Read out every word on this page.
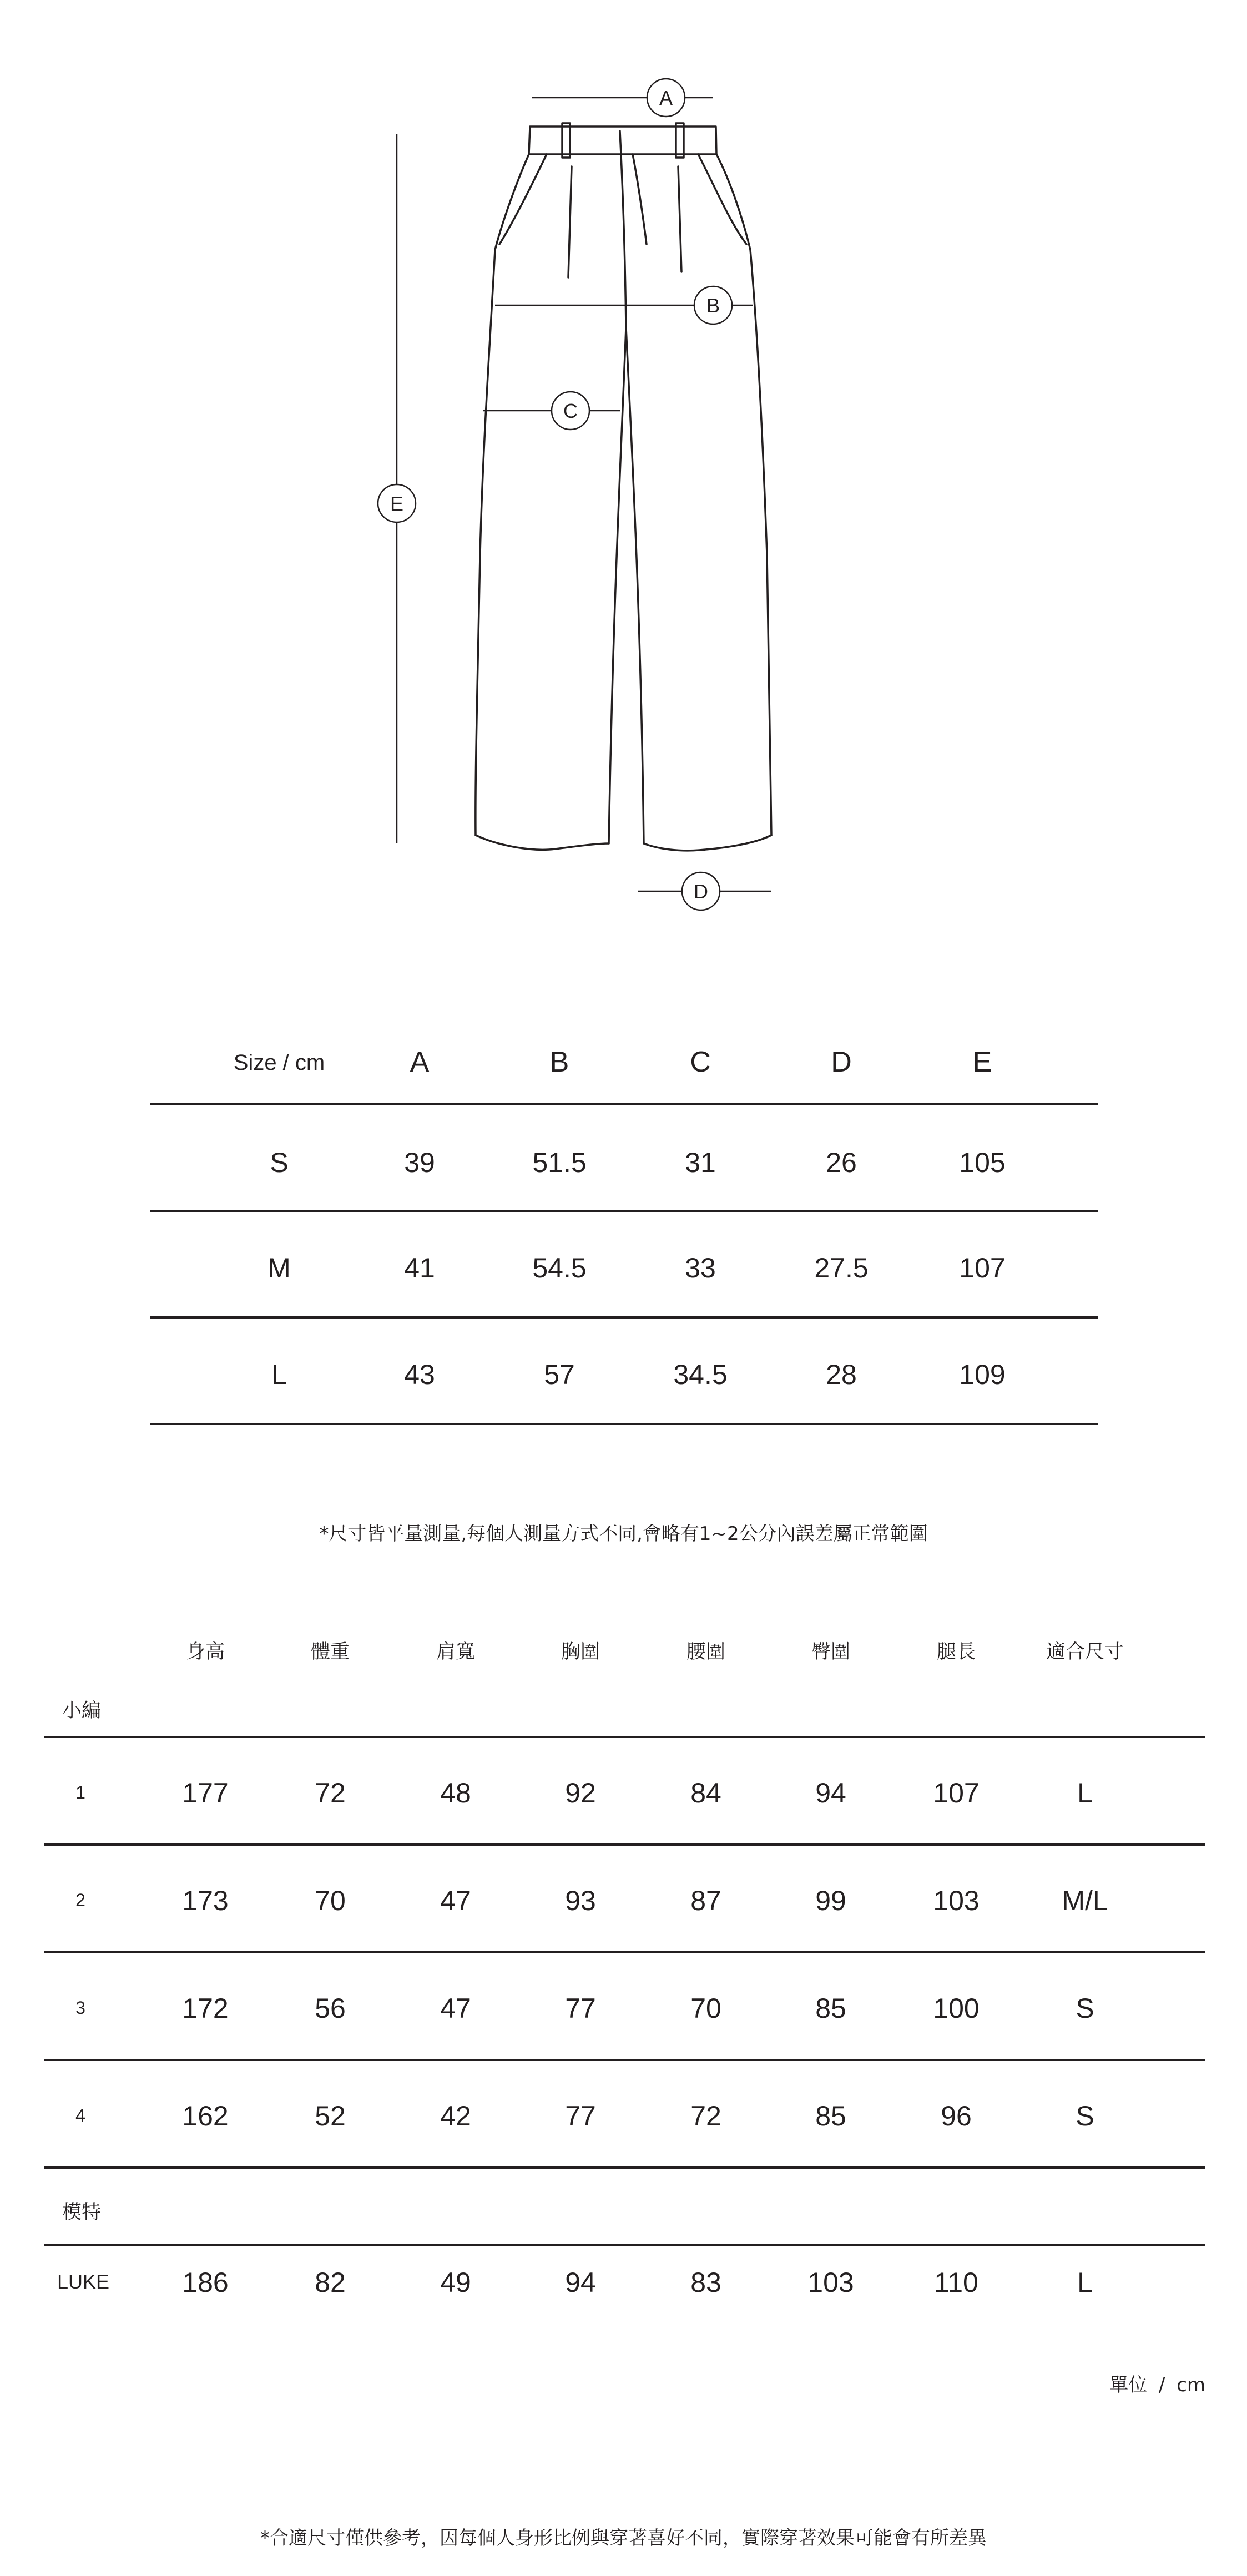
A
B
C
E
D
Size / cm	A	B	C	D	E
S	39	51.5	31	26	105
M	41	54.5	33	27.5	107
L	43	57	34.5	28	109
*尺寸皆平量測量,每個人測量方式不同,會略有1~2公分內誤差屬正常範圍
身高	體重	肩寬	胸圍	腰圍	臀圍	腿長	適合尺寸
小編
1	177	72	48	92	84	94	107	L
2	173	70	47	93	87	99	103	M/L
3	172	56	47	77	70	85	100	S
4	162	52	42	77	72	85	96	S
模特
LUKE	186	82	49	94	83	103	110	L
單位 / cm
*合適尺寸僅供參考，因每個人身形比例與穿著喜好不同，實際穿著效果可能會有所差異
